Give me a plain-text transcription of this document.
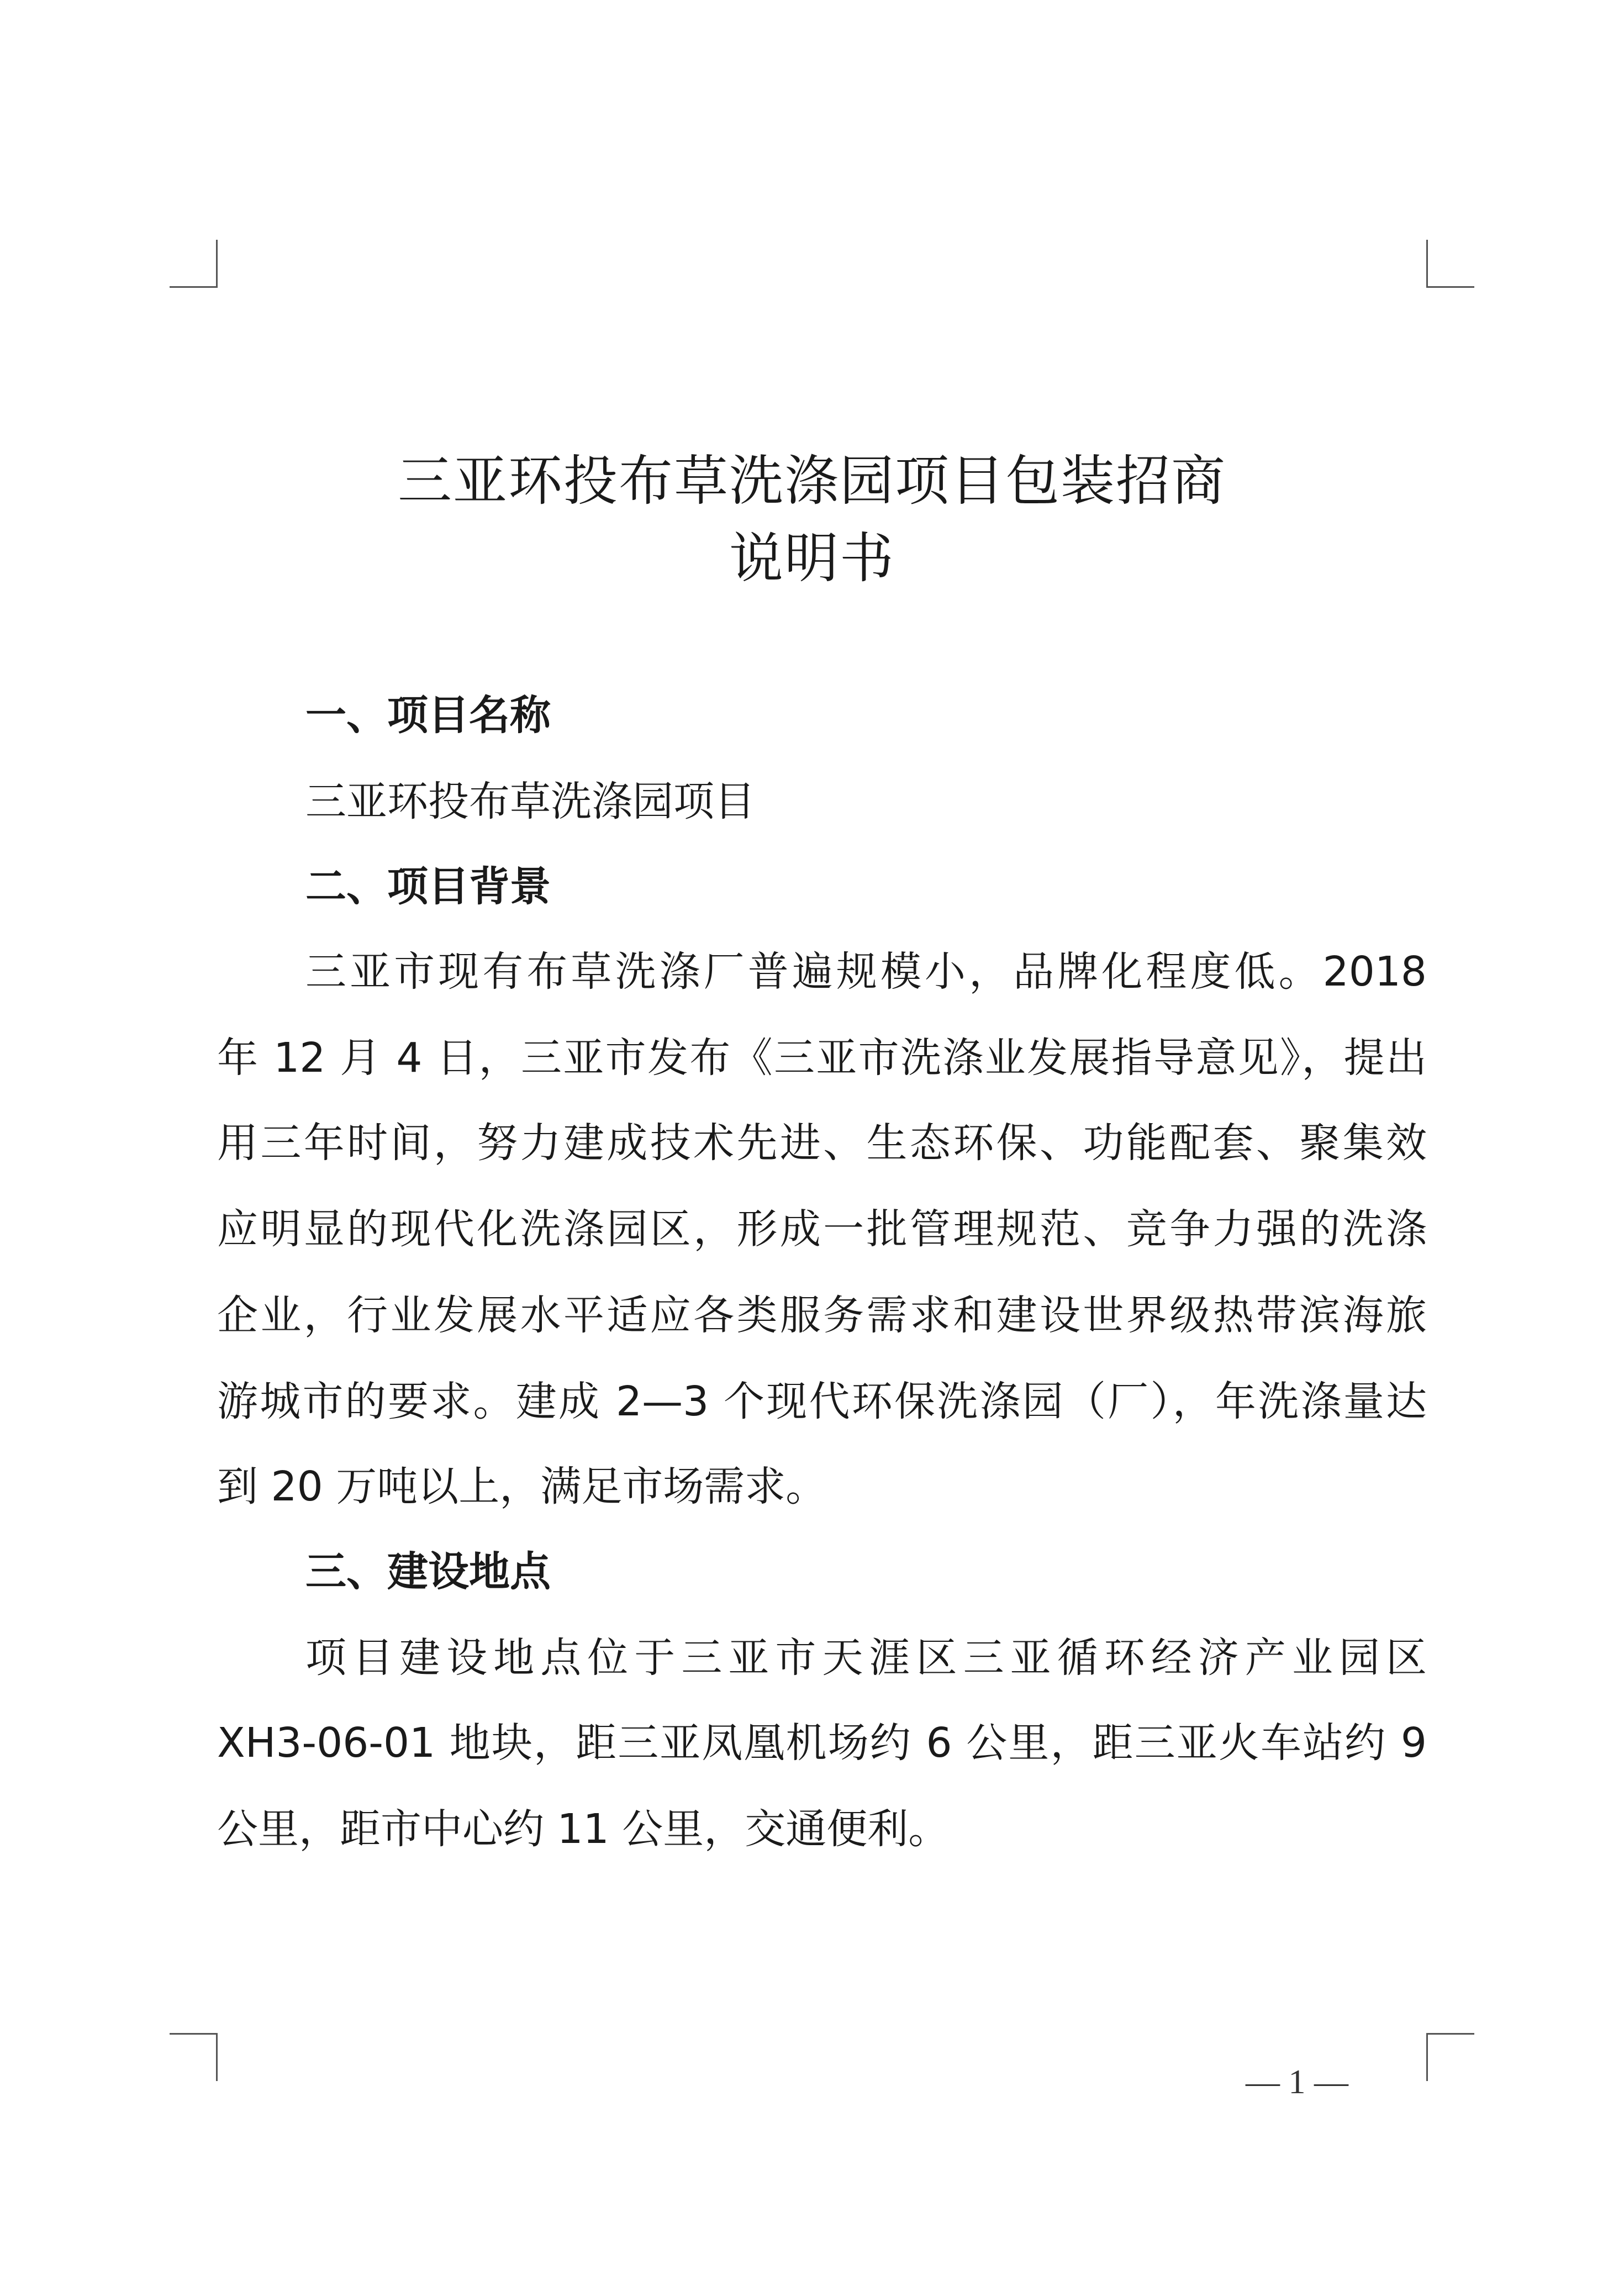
三亚环投布草洗涤园项目包装招商
说明书
一、项目名称
三亚环投布草洗涤园项目
二、项目背景
三亚市现有布草洗涤厂普遍规模小，品牌化程度低。2018
年 12 月 4 日，三亚市发布《三亚市洗涤业发展指导意见》，提出
用三年时间，努力建成技术先进、生态环保、功能配套、聚集效
应明显的现代化洗涤园区，形成一批管理规范、竞争力强的洗涤
企业，行业发展水平适应各类服务需求和建设世界级热带滨海旅
游城市的要求。建成 2—3 个现代环保洗涤园（厂），年洗涤量达
到 20 万吨以上，满足市场需求。
三、建设地点
项目建设地点位于三亚市天涯区三亚循环经济产业园区
XH3-06-01 地块，距三亚凤凰机场约 6 公里，距三亚火车站约 9
公里，距市中心约 11 公里，交通便利。
— 1 —
